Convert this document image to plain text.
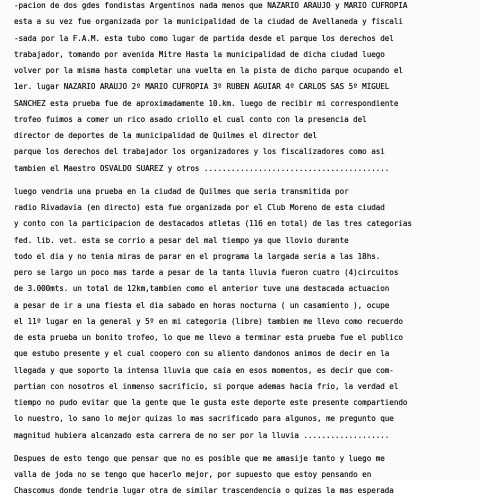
-pacion de dos gdes fondistas Argentinos nada menos que NAZARIO ARAUJO y MARIO CUFROPIA
esta a su vez fue organizada por la municipalidad de la ciudad de Avellaneda y fiscali
-sada por la F.A.M. esta tubo como lugar de partida desde el parque los derechos del
trabajador, tomando por avenida Mitre Hasta la municipalidad de dicha ciudad luego
volver por la misma hasta completar una vuelta en la pista de dicho parque ocupando el
1er. lugar NAZARIO ARAUJO 2º MARIO CUFROPIA 3º RUBEN AGUIAR 4º CARLOS SAS 5º MIGUEL
SANCHEZ esta prueba fue de aproximadamente 10.km. luego de recibir mi correspondiente
trofeo fuimos a comer un rico asado criollo el cual conto con la presencia del
director de deportes de la municipalidad de Quilmes el director del
parque los derechos del trabajador los organizadores y los fiscalizadores como asi
tambien el Maestro OSVALDO SUAREZ y otros .........................................
luego vendria una prueba en la ciudad de Quilmes que seria transmitida por
radio Rivadavia (en directo) esta fue organizada por el Club Moreno de esta ciudad
y conto con la participacion de destacados atletas (116 en total) de las tres categorias
fed. lib. vet. esta se corrio a pesar del mal tiempo ya que llovio durante
todo el dia y no tenia miras de parar en el programa la largada seria a las 18hs.
pero se largo un poco mas tarde a pesar de la tanta lluvia fueron cuatro (4)circuitos
de 3.000mts. un total de 12km,tambien como el anterior tuve una destacada actuacion
a pesar de ir a una fiesta el dia sabado en horas nocturna ( un casamiento ), ocupe
el 11º lugar en la general y 5º en mi categoria (libre) tambien me llevo como recuerdo
de esta prueba un bonito trofeo, lo que me llevo a terminar esta prueba fue el publico
que estubo presente y el cual coopero con su aliento dandonos animos de decir en la
llegada y que soporto la intensa lluvia que caia en esos momentos, es decir que com-
partian con nosotros el inmenso sacrificio, si porque ademas hacia frio, la verdad el
tiempo no pudo evitar que la gente que le gusta este deporte este presente compartiendo
lo nuestro, lo sano lo mejor quizas lo mas sacrificado para algunos, me pregunto que
magnitud hubiera alcanzado esta carrera de no ser por la lluvia ...................
Despues de esto tengo que pensar que no es posible que me amasije tanto y luego me
valla de joda no se tengo que hacerlo mejor, por supuesto que estoy pensando en
Chascomus donde tendria lugar otra de similar trascendencia o quizas la mas esperada
